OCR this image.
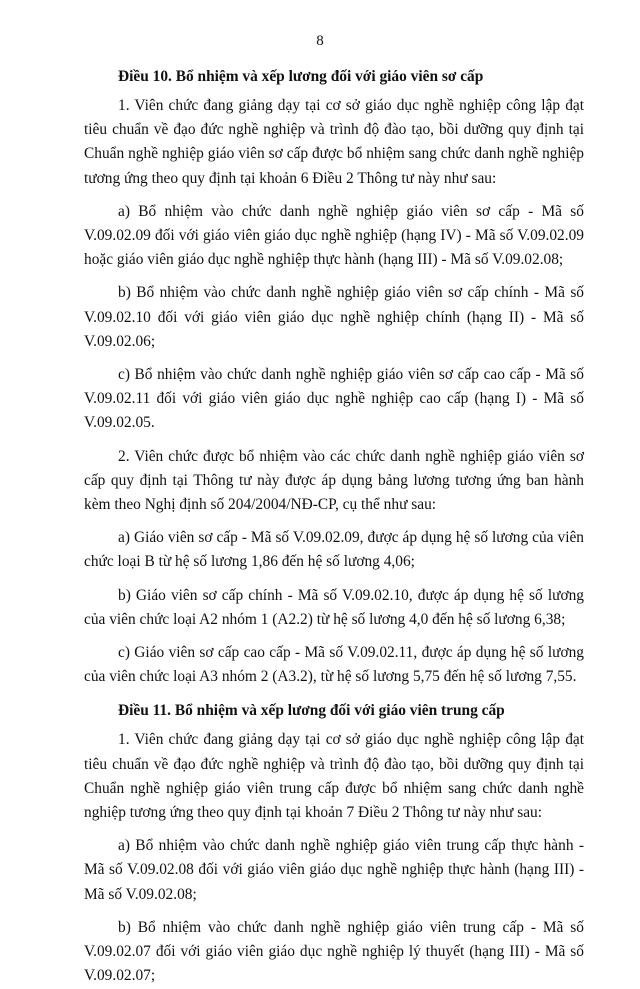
8
Điều 10. Bổ nhiệm và xếp lương đối với giáo viên sơ cấp

1. Viên chức đang giảng dạy tại cơ sở giáo dục nghề nghiệp công lập đạt tiêu chuẩn về đạo đức nghề nghiệp và trình độ đào tạo, bồi dưỡng quy định tại Chuẩn nghề nghiệp giáo viên sơ cấp được bổ nhiệm sang chức danh nghề nghiệp tương ứng theo quy định tại khoản 6 Điều 2 Thông tư này như sau:

a) Bổ nhiệm vào chức danh nghề nghiệp giáo viên sơ cấp - Mã số V.09.02.09 đối với giáo viên giáo dục nghề nghiệp (hạng IV) - Mã số V.09.02.09 hoặc giáo viên giáo dục nghề nghiệp thực hành (hạng III) - Mã số V.09.02.08;

b) Bổ nhiệm vào chức danh nghề nghiệp giáo viên sơ cấp chính - Mã số V.09.02.10 đối với giáo viên giáo dục nghề nghiệp chính (hạng II) - Mã số V.09.02.06;

c) Bổ nhiệm vào chức danh nghề nghiệp giáo viên sơ cấp cao cấp - Mã số V.09.02.11 đối với giáo viên giáo dục nghề nghiệp cao cấp (hạng I) - Mã số V.09.02.05.

2. Viên chức được bổ nhiệm vào các chức danh nghề nghiệp giáo viên sơ cấp quy định tại Thông tư này được áp dụng bảng lương tương ứng ban hành kèm theo Nghị định số 204/2004/NĐ-CP, cụ thể như sau:

a) Giáo viên sơ cấp - Mã số V.09.02.09, được áp dụng hệ số lương của viên chức loại B từ hệ số lương 1,86 đến hệ số lương 4,06;

b) Giáo viên sơ cấp chính - Mã số V.09.02.10, được áp dụng hệ số lương của viên chức loại A2 nhóm 1 (A2.2) từ hệ số lương 4,0 đến hệ số lương 6,38;

c) Giáo viên sơ cấp cao cấp - Mã số V.09.02.11, được áp dụng hệ số lương của viên chức loại A3 nhóm 2 (A3.2), từ hệ số lương 5,75 đến hệ số lương 7,55.

Điều 11. Bổ nhiệm và xếp lương đối với giáo viên trung cấp

1. Viên chức đang giảng dạy tại cơ sở giáo dục nghề nghiệp công lập đạt tiêu chuẩn về đạo đức nghề nghiệp và trình độ đào tạo, bồi dưỡng quy định tại Chuẩn nghề nghiệp giáo viên trung cấp được bổ nhiệm sang chức danh nghề nghiệp tương ứng theo quy định tại khoản 7 Điều 2 Thông tư này như sau:

a) Bổ nhiệm vào chức danh nghề nghiệp giáo viên trung cấp thực hành - Mã số V.09.02.08 đối với giáo viên giáo dục nghề nghiệp thực hành (hạng III) - Mã số V.09.02.08;

b) Bổ nhiệm vào chức danh nghề nghiệp giáo viên trung cấp - Mã số V.09.02.07 đối với giáo viên giáo dục nghề nghiệp lý thuyết (hạng III) - Mã số V.09.02.07;
